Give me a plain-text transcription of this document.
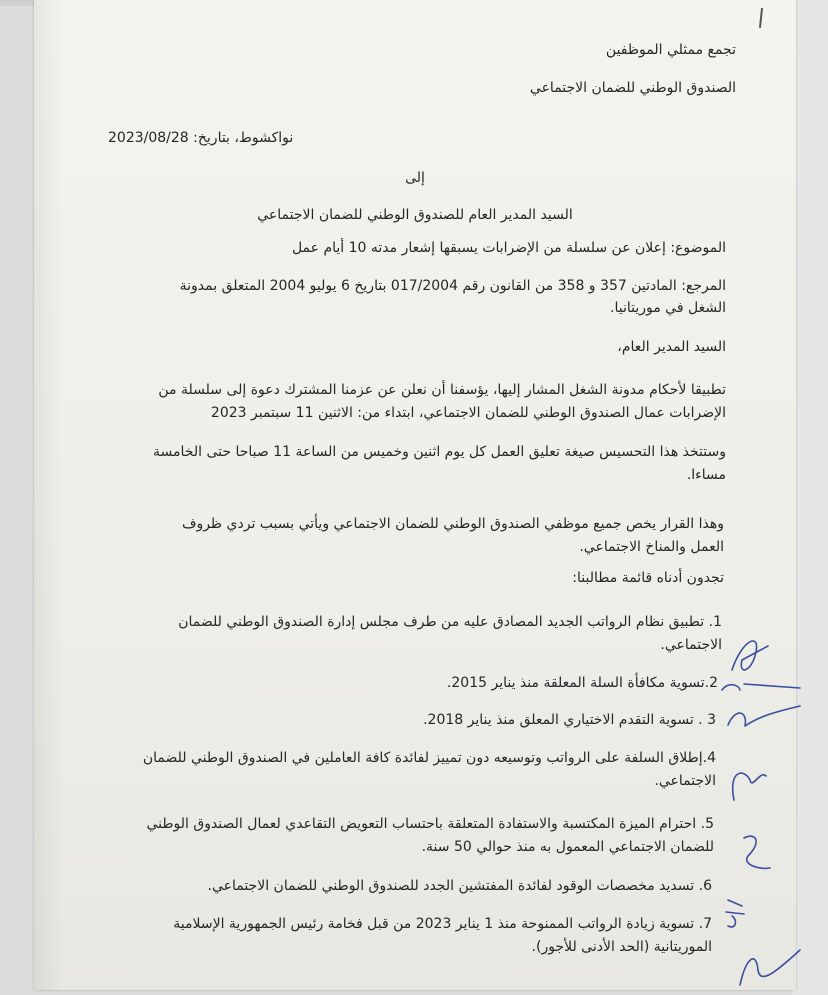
تجمع ممثلي الموظفين
الصندوق الوطني للضمان الاجتماعي
نواكشوط، بتاريخ: 2023/08/28
إلى
السيد المدير العام للصندوق الوطني للضمان الاجتماعي
الموضوع: إعلان عن سلسلة من الإضرابات يسبقها إشعار مدته 10 أيام عمل
المرجع: المادتين 357 و 358 من القانون رقم 017/2004 بتاريخ 6 يوليو 2004 المتعلق بمدونة
الشغل في موريتانيا.
السيد المدير العام،
تطبيقا لأحكام مدونة الشغل المشار إليها، يؤسفنا أن نعلن عن عزمنا المشترك دعوة إلى سلسلة من
الإضرابات عمال الصندوق الوطني للضمان الاجتماعي، ابتداء من: الاثنين 11 سبتمبر 2023
وستتخذ هذا التحسيس صيغة تعليق العمل كل يوم اثنين وخميس من الساعة 11 صباحا حتى الخامسة
مساءا.
وهذا القرار يخص جميع موظفي الصندوق الوطني للضمان الاجتماعي ويأتي بسبب تردي ظروف
العمل والمناخ الاجتماعي.
تجدون أدناه قائمة مطالبنا:
1. تطبيق نظام الرواتب الجديد المصادق عليه من طرف مجلس إدارة الصندوق الوطني للضمان
الاجتماعي.
2.تسوية مكافأة السلة المعلقة منذ يناير 2015.
3 . تسوية التقدم الاختياري المعلق منذ يناير 2018.
4.إطلاق السلفة على الرواتب وتوسيعه دون تمييز لفائدة كافة العاملين في الصندوق الوطني للضمان
الاجتماعي.
5. احترام الميزة المكتسبة والاستفادة المتعلقة باحتساب التعويض التقاعدي لعمال الصندوق الوطني
للضمان الاجتماعي المعمول به منذ حوالي 50 سنة.
6. تسديد مخصصات الوقود لفائدة المفتشين الجدد للصندوق الوطني للضمان الاجتماعي.
7. تسوية زيادة الرواتب الممنوحة منذ 1 يناير 2023 من قبل فخامة رئيس الجمهورية الإسلامية
الموريتانية (الحد الأدنى للأجور).
